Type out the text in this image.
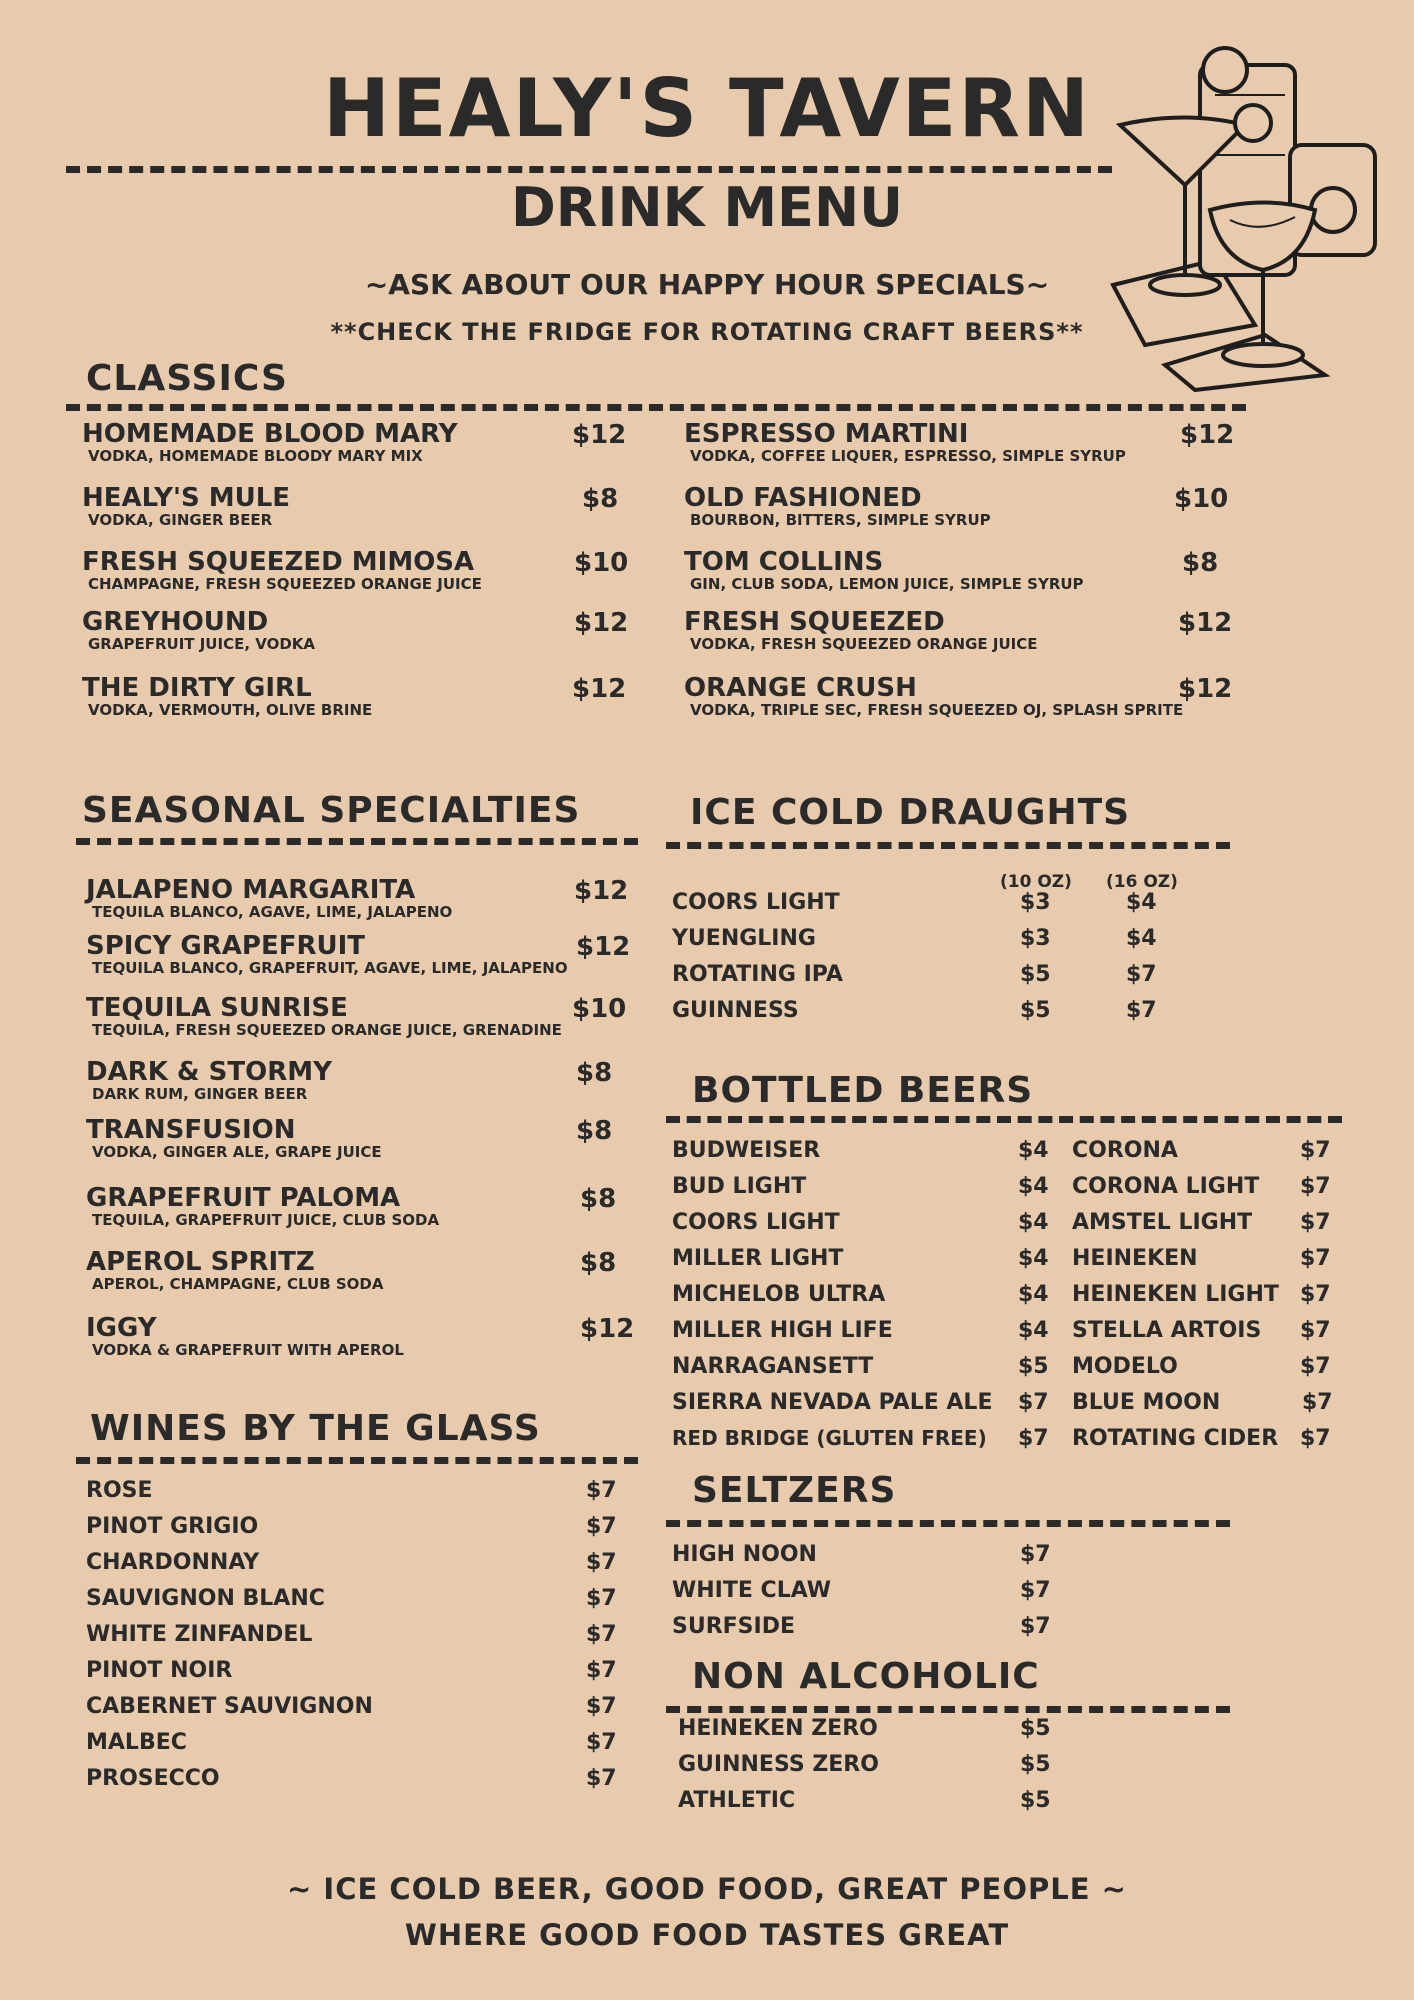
HEALY'S TAVERN
DRINK MENU
~ASK ABOUT OUR HAPPY HOUR SPECIALS~
**CHECK THE FRIDGE FOR ROTATING CRAFT BEERS**
CLASSICS
HOMEMADE BLOOD MARY
VODKA, HOMEMADE BLOODY MARY MIX
$12
HEALY'S MULE
VODKA, GINGER BEER
$8
FRESH SQUEEZED MIMOSA
CHAMPAGNE, FRESH SQUEEZED ORANGE JUICE
$10
GREYHOUND
GRAPEFRUIT JUICE, VODKA
$12
THE DIRTY GIRL
VODKA, VERMOUTH, OLIVE BRINE
$12
ESPRESSO MARTINI
VODKA, COFFEE LIQUER, ESPRESSO, SIMPLE SYRUP
$12
OLD FASHIONED
BOURBON, BITTERS, SIMPLE SYRUP
$10
TOM COLLINS
GIN, CLUB SODA, LEMON JUICE, SIMPLE SYRUP
$8
FRESH SQUEEZED
VODKA, FRESH SQUEEZED ORANGE JUICE
$12
ORANGE CRUSH
VODKA, TRIPLE SEC, FRESH SQUEEZED OJ, SPLASH SPRITE
$12
SEASONAL SPECIALTIES
JALAPENO MARGARITA
TEQUILA BLANCO, AGAVE, LIME, JALAPENO
$12
SPICY GRAPEFRUIT
TEQUILA BLANCO, GRAPEFRUIT, AGAVE, LIME, JALAPENO
$12
TEQUILA SUNRISE
TEQUILA, FRESH SQUEEZED ORANGE JUICE, GRENADINE
$10
DARK & STORMY
DARK RUM, GINGER BEER
$8
TRANSFUSION
VODKA, GINGER ALE, GRAPE JUICE
$8
GRAPEFRUIT PALOMA
TEQUILA, GRAPEFRUIT JUICE, CLUB SODA
$8
APEROL SPRITZ
APEROL, CHAMPAGNE, CLUB SODA
$8
IGGY
VODKA & GRAPEFRUIT WITH APEROL
$12
WINES BY THE GLASS
ROSE	$7
PINOT GRIGIO	$7
CHARDONNAY	$7
SAUVIGNON BLANC	$7
WHITE ZINFANDEL	$7
PINOT NOIR	$7
CABERNET SAUVIGNON	$7
MALBEC	$7
PROSECCO	$7
ICE COLD DRAUGHTS
(10 OZ) (16 OZ)
COORS LIGHT	$3	$4
YUENGLING	$3	$4
ROTATING IPA	$5	$7
GUINNESS	$5	$7
BOTTLED BEERS
BUDWEISER	$4
BUD LIGHT	$4
COORS LIGHT	$4
MILLER LIGHT	$4
MICHELOB ULTRA	$4
MILLER HIGH LIFE	$4
NARRAGANSETT	$5
SIERRA NEVADA PALE ALE $7
RED BRIDGE (GLUTEN FREE) $7
CORONA	$7
CORONA LIGHT $7
AMSTEL LIGHT $7
HEINEKEN	$7
HEINEKEN LIGHT $7
STELLA ARTOIS $7
MODELO	$7
BLUE MOON	$7
ROTATING CIDER $7
SELTZERS
HIGH NOON	$7
WHITE CLAW	$7
SURFSIDE	$7
NON ALCOHOLIC
HEINEKEN ZERO	$5
GUINNESS ZERO	$5
ATHLETIC	$5
~ ICE COLD BEER, GOOD FOOD, GREAT PEOPLE ~
WHERE GOOD FOOD TASTES GREAT
